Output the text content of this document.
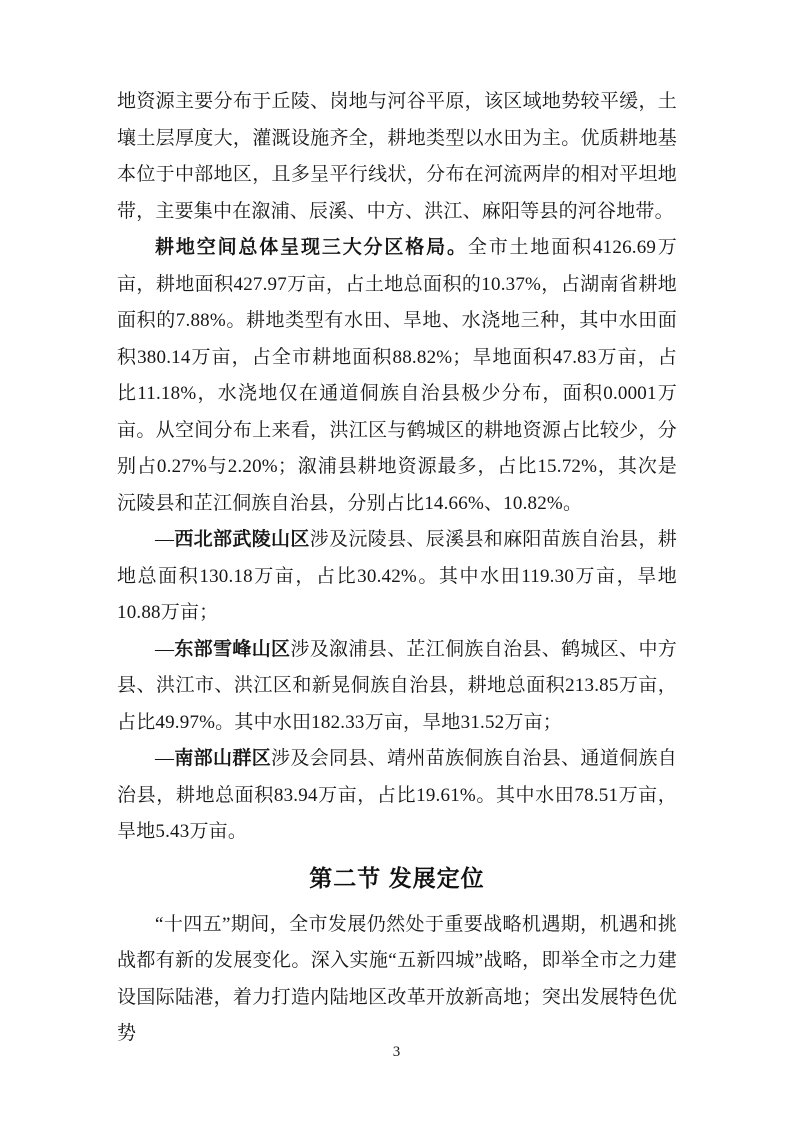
地资源主要分布于丘陵、岗地与河谷平原，该区域地势较平缓，土壤土层厚度大，灌溉设施齐全，耕地类型以水田为主。优质耕地基本位于中部地区，且多呈平行线状，分布在河流两岸的相对平坦地带，主要集中在溆浦、辰溪、中方、洪江、麻阳等县的河谷地带。

耕地空间总体呈现三大分区格局。全市土地面积4126.69万亩，耕地面积427.97万亩，占土地总面积的10.37%，占湖南省耕地面积的7.88%。耕地类型有水田、旱地、水浇地三种，其中水田面积380.14万亩，占全市耕地面积88.82%；旱地面积47.83万亩，占比11.18%，水浇地仅在通道侗族自治县极少分布，面积0.0001万亩。从空间分布上来看，洪江区与鹤城区的耕地资源占比较少，分别占0.27%与2.20%；溆浦县耕地资源最多，占比15.72%，其次是沅陵县和芷江侗族自治县，分别占比14.66%、10.82%。

—西北部武陵山区涉及沅陵县、辰溪县和麻阳苗族自治县，耕地总面积130.18万亩，占比30.42%。其中水田119.30万亩，旱地10.88万亩；

—东部雪峰山区涉及溆浦县、芷江侗族自治县、鹤城区、中方县、洪江市、洪江区和新晃侗族自治县，耕地总面积213.85万亩，占比49.97%。其中水田182.33万亩，旱地31.52万亩；

—南部山群区涉及会同县、靖州苗族侗族自治县、通道侗族自治县，耕地总面积83.94万亩，占比19.61%。其中水田78.51万亩，旱地5.43万亩。

第二节 发展定位

“十四五”期间，全市发展仍然处于重要战略机遇期，机遇和挑战都有新的发展变化。深入实施“五新四城”战略，即举全市之力建设国际陆港，着力打造内陆地区改革开放新高地；突出发展特色优势

3
